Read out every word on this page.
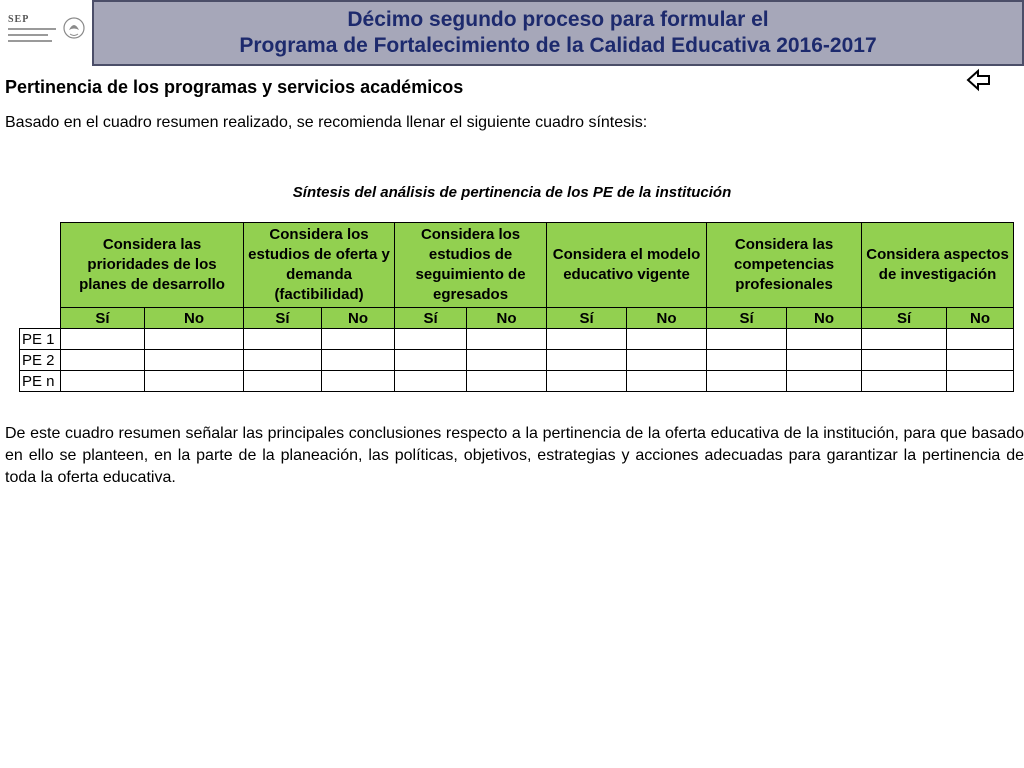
SEP	Décimo segundo proceso para formular el
Programa de Fortalecimiento de la Calidad Educativa 2016-2017
Pertinencia de los programas y servicios académicos
Basado en el cuadro resumen realizado, se recomienda llenar el siguiente cuadro síntesis:
Síntesis del análisis de pertinencia de los PE de la institución
	Considera las prioridades de los planes de desarrollo		Considera los estudios de oferta y demanda (factibilidad)		Considera los estudios de seguimiento de egresados		Considera el modelo educativo vigente		Considera las competencias profesionales		Considera aspectos de investigación	
	Sí	No	Sí	No	Sí	No	Sí	No	Sí	No	Sí	No
PE 1												
PE 2												
PE n												
De este cuadro resumen señalar las principales conclusiones respecto a la pertinencia de la oferta educativa de la institución, para que basado en ello se planteen, en la parte de la planeación, las políticas, objetivos, estrategias y acciones adecuadas para garantizar la pertinencia de toda la oferta educativa.
